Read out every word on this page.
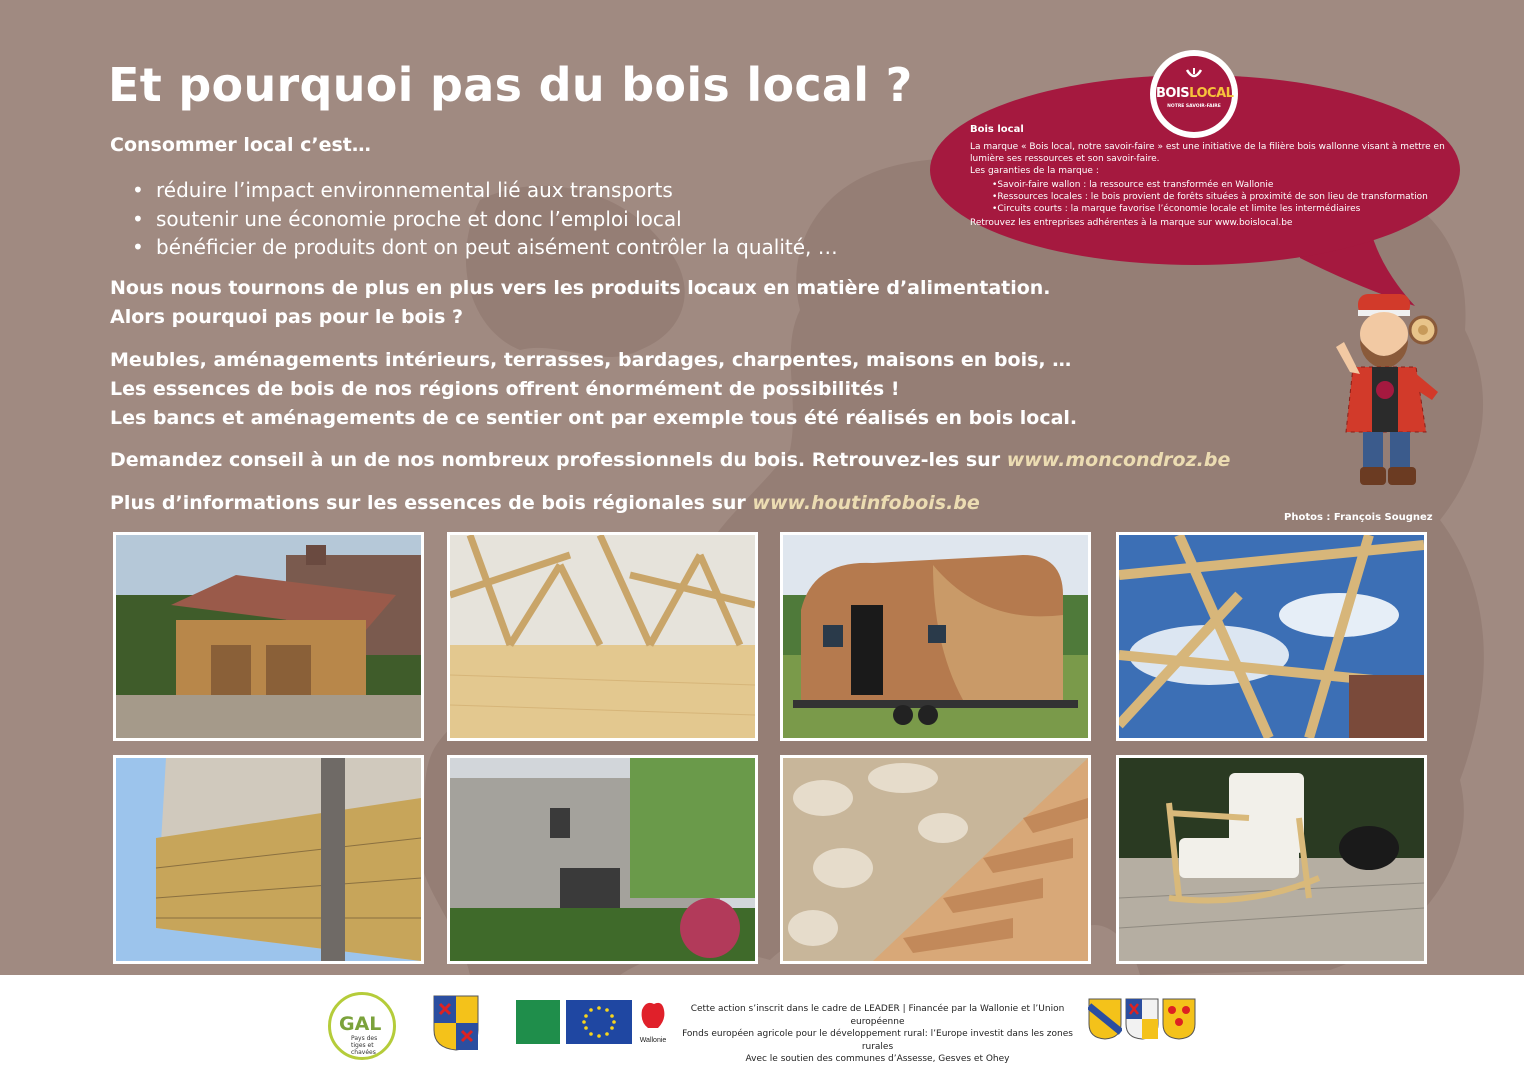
Et pourquoi pas du bois local ?
Consommer local c’est…
• réduire l’impact environnemental lié aux transports
• soutenir une économie proche et donc l’emploi local
• bénéficier de produits dont on peut aisément contrôler la qualité, …
Nous nous tournons de plus en plus vers les produits locaux en matière d’alimentation.
Alors pourquoi pas pour le bois ?
Meubles, aménagements intérieurs, terrasses, bardages, charpentes, maisons en bois, …
Les essences de bois de nos régions offrent énormément de possibilités !
Les bancs et aménagements de ce sentier ont par exemple tous été réalisés en bois local.
Demandez conseil à un de nos nombreux professionnels du bois. Retrouvez-les sur www.moncondroz.be
Plus d’informations sur les essences de bois régionales sur www.houtinfobois.be
Bois local

La marque « Bois local, notre savoir-faire » est une initiative de la filière bois wallonne visant à mettre en lumière ses ressources et son savoir-faire.

Les garanties de la marque :

• Savoir-faire wallon : la ressource est transformée en Wallonie
• Ressources locales : le bois provient de forêts situées à proximité de son lieu de transformation
• Circuits courts : la marque favorise l’économie locale et limite les intermédiaires

Retrouvez les entreprises adhérentes à la marque sur www.boislocal.be

BOISLOCAL
NOTRE SAVOIR-FAIRE
Photos : François Sougnez
GAL
Pays des tiges et chavées
Wallonie
Cette action s’inscrit dans le cadre de LEADER | Financée par la Wallonie et l’Union européenne
Fonds européen agricole pour le développement rural: l’Europe investit dans les zones rurales
Avec le soutien des communes d’Assesse, Gesves et Ohey
